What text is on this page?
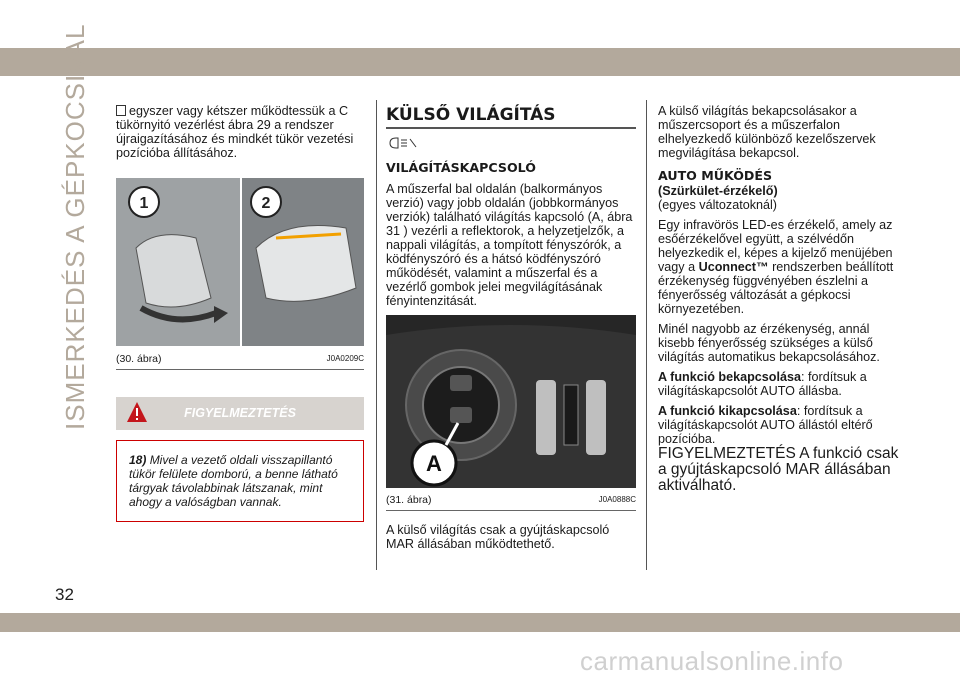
ISMERKEDÉS A GÉPKOCSIVAL
32

egyszer vagy kétszer működtessük a C tükörnyitó vezérlést ábra 29 a rendszer újraigazításához és mindkét tükör vezetési pozícióba állításához.

1	2
(30. ábra)	J0A0209C
FIGYELMEZTETÉS
18) Mivel a vezető oldali visszapillantó tükör felülete domború, a benne látható tárgyak távolabbinak látszanak, mint ahogy a valóságban vannak.
KÜLSŐ VILÁGÍTÁS
VILÁGÍTÁSKAPCSOLÓ

A műszerfal bal oldalán (balkormányos verzió) vagy jobb oldalán (jobbkormányos verziók) található világítás kapcsoló (A, ábra 31 ) vezérli a reflektorok, a helyzetjelzők, a nappali világítás, a tompított fényszórók, a ködfényszóró és a hátsó ködfényszóró működését, valamint a műszerfal és a vezérlő gombok jelei megvilágításának fényintenzitását.

A
(31. ábra)	J0A0888C

A külső világítás csak a gyújtáskapcsoló MAR állásában működtethető.

A külső világítás bekapcsolásakor a műszercsoport és a műszerfalon elhelyezkedő különböző kezelőszervek megvilágítása bekapcsol.

AUTO MŰKÖDÉS

(Szürkület-érzékelő)

(egyes változatoknál)

Egy infravörös LED-es érzékelő, amely az esőérzékelővel együtt, a szélvédőn helyezkedik el, képes a kijelző menüjében vagy a Uconnect™ rendszerben beállított érzékenység függvényében észlelni a fényerősség változását a gépkocsi környezetében.

Minél nagyobb az érzékenység, annál kisebb fényerősség szükséges a külső világítás automatikus bekapcsolásához.

A funkció bekapcsolása: fordítsuk a világításkapcsolót AUTO állásba.

A funkció kikapcsolása: fordítsuk a világításkapcsolót AUTO állástól eltérő pozícióba.

FIGYELMEZTETÉS A funkció csak a gyújtáskapcsoló MAR állásában aktiválható.

carmanualsonline.info
